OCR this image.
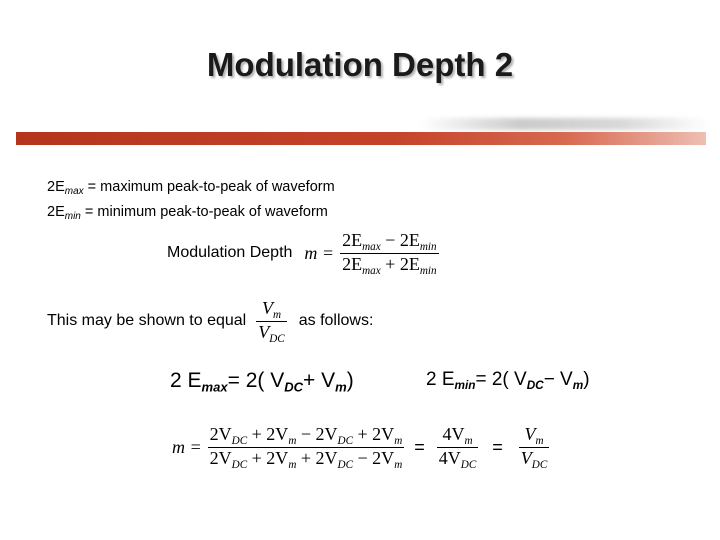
Modulation Depth 2
$2E_{max}$ = maximum peak-to-peak of waveform
$2E_{min}$ = minimum peak-to-peak of waveform
Modulation Depth $m = \frac{2E_{max} - 2E_{min}}{2E_{max} + 2E_{min}}$
This may be shown to equal $\frac{V_m}{V_{DC}}$ as follows:
2 $E_{max}= 2$( $V_{DC}+ V_m$)	2 $E_{min}= 2$( $V_{DC}- V_m$)
$m = \frac{2V_{DC} + 2V_m - 2V_{DC} + 2V_m}{2V_{DC} + 2V_m + 2V_{DC} - 2V_m} = \frac{4V_m}{4V_{DC}} = \frac{V_m}{V_{DC}}$
